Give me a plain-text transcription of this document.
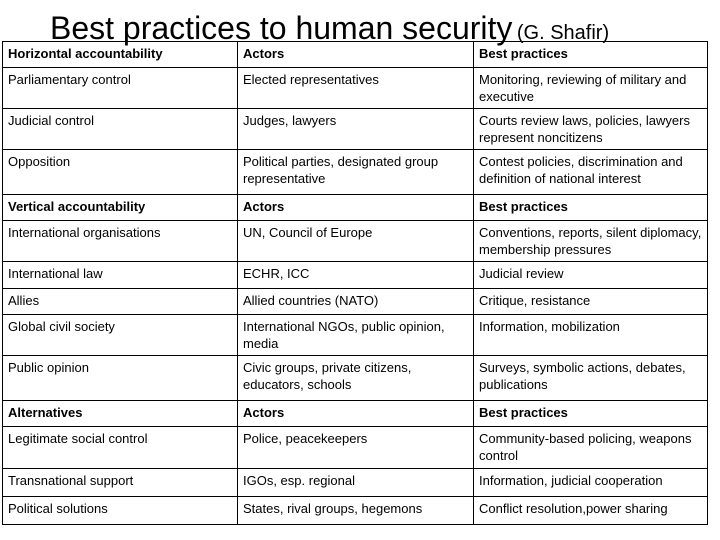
Best practices to human security (G. Shafir)
Horizontal accountability	Actors	Best practices
Parliamentary control	Elected representatives	Monitoring, reviewing of military and executive
Judicial control	Judges, lawyers	Courts review laws, policies, lawyers represent noncitizens
Opposition	Political parties, designated group representative	Contest policies, discrimination and definition of national interest
Vertical accountability	Actors	Best practices
International organisations	UN, Council of Europe	Conventions, reports, silent diplomacy, membership pressures
International law	ECHR, ICC	Judicial review
Allies	Allied countries (NATO)	Critique, resistance
Global civil society	International NGOs, public opinion, media	Information, mobilization
Public opinion	Civic groups, private citizens, educators, schools	Surveys, symbolic actions, debates, publications
Alternatives	Actors	Best practices
Legitimate social control	Police, peacekeepers	Community-based policing, weapons control
Transnational support	IGOs, esp. regional	Information, judicial cooperation
Political solutions	States, rival groups, hegemons	Conflict resolution,power sharing
